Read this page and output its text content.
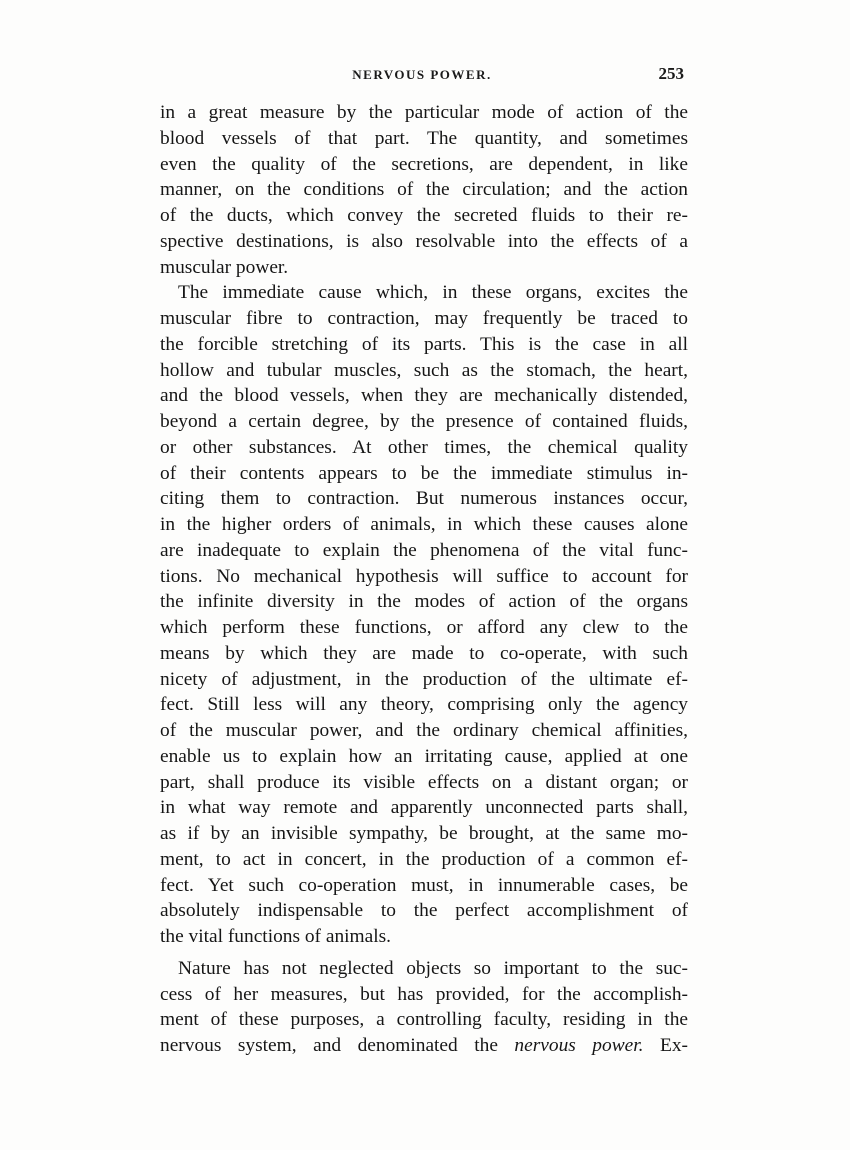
NERVOUS POWER.	253
in a great measure by the particular mode of action of the
blood vessels of that part. The quantity, and sometimes
even the quality of the secretions, are dependent, in like
manner, on the conditions of the circulation; and the action
of the ducts, which convey the secreted fluids to their re-
spective destinations, is also resolvable into the effects of a
muscular power.
The immediate cause which, in these organs, excites the
muscular fibre to contraction, may frequently be traced to
the forcible stretching of its parts. This is the case in all
hollow and tubular muscles, such as the stomach, the heart,
and the blood vessels, when they are mechanically distended,
beyond a certain degree, by the presence of contained fluids,
or other substances. At other times, the chemical quality
of their contents appears to be the immediate stimulus in-
citing them to contraction. But numerous instances occur,
in the higher orders of animals, in which these causes alone
are inadequate to explain the phenomena of the vital func-
tions. No mechanical hypothesis will suffice to account for
the infinite diversity in the modes of action of the organs
which perform these functions, or afford any clew to the
means by which they are made to co-operate, with such
nicety of adjustment, in the production of the ultimate ef-
fect. Still less will any theory, comprising only the agency
of the muscular power, and the ordinary chemical affinities,
enable us to explain how an irritating cause, applied at one
part, shall produce its visible effects on a distant organ; or
in what way remote and apparently unconnected parts shall,
as if by an invisible sympathy, be brought, at the same mo-
ment, to act in concert, in the production of a common ef-
fect. Yet such co-operation must, in innumerable cases, be
absolutely indispensable to the perfect accomplishment of
the vital functions of animals.
Nature has not neglected objects so important to the suc-
cess of her measures, but has provided, for the accomplish-
ment of these purposes, a controlling faculty, residing in the
nervous system, and denominated the nervous power. Ex-
